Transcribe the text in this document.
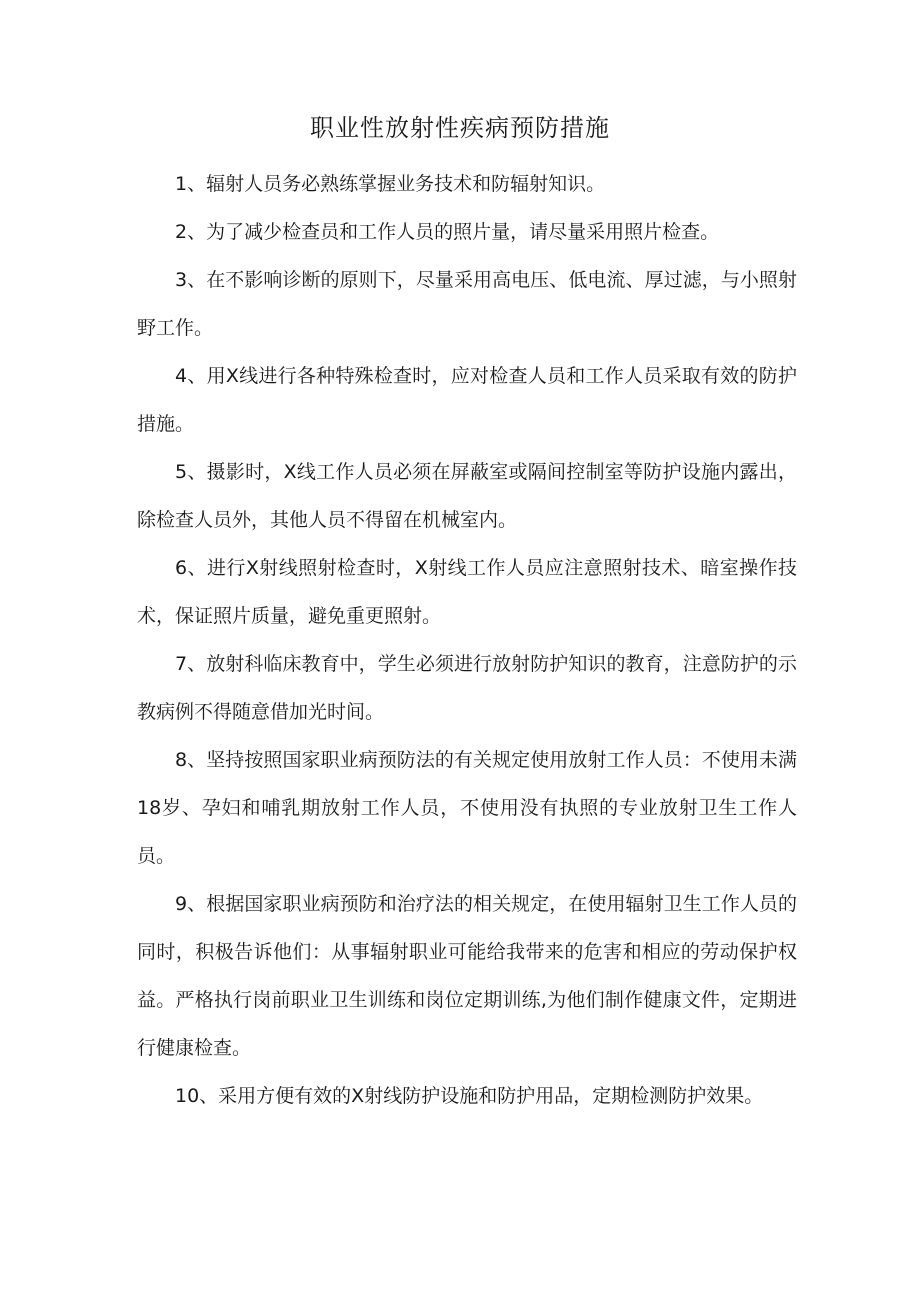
职业性放射性疾病预防措施

1、辐射人员务必熟练掌握业务技术和防辐射知识。

2、为了减少检查员和工作人员的照片量，请尽量采用照片检查。

3、在不影响诊断的原则下，尽量采用高电压、低电流、厚过滤，与小照射野工作。

4、用X线进行各种特殊检查时，应对检查人员和工作人员采取有效的防护措施。

5、摄影时，X线工作人员必须在屏蔽室或隔间控制室等防护设施内露出，除检查人员外，其他人员不得留在机械室内。

6、进行X射线照射检查时，X射线工作人员应注意照射技术、暗室操作技术，保证照片质量，避免重更照射。

7、放射科临床教育中，学生必须进行放射防护知识的教育，注意防护的示教病例不得随意借加光时间。

8、坚持按照国家职业病预防法的有关规定使用放射工作人员：不使用未满18岁、孕妇和哺乳期放射工作人员，不使用没有执照的专业放射卫生工作人员。

9、根据国家职业病预防和治疗法的相关规定，在使用辐射卫生工作人员的同时，积极告诉他们：从事辐射职业可能给我带来的危害和相应的劳动保护权益。严格执行岗前职业卫生训练和岗位定期训练,为他们制作健康文件，定期进行健康检查。

10、采用方便有效的X射线防护设施和防护用品，定期检测防护效果。
